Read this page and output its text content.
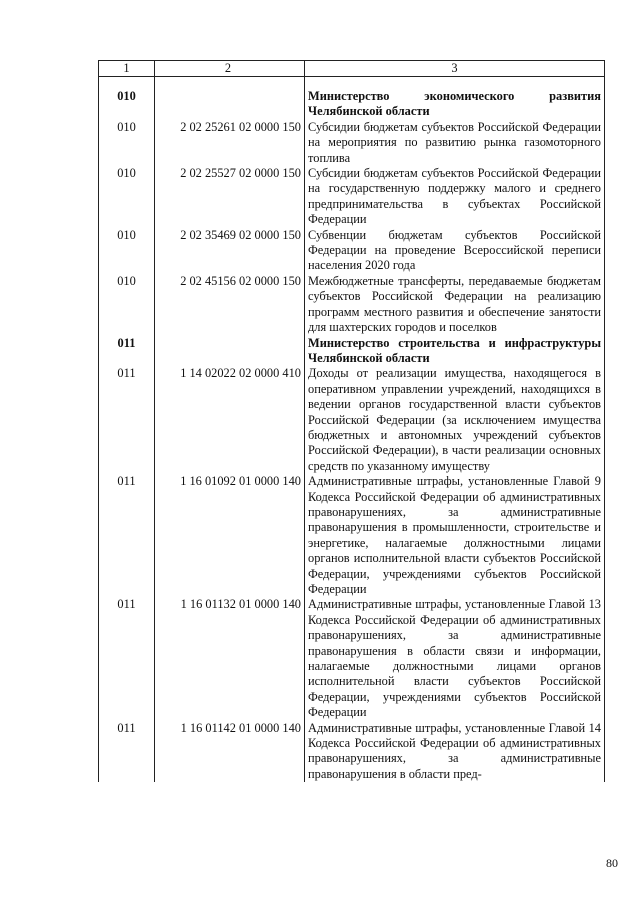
1	2	3
010		Министерство экономического развития Челябинской области
010	2 02 25261 02 0000 150	Субсидии бюджетам субъектов Российской Федерации на мероприятия по развитию рынка газомоторного топлива
010	2 02 25527 02 0000 150	Субсидии бюджетам субъектов Российской Федерации на государственную поддержку малого и среднего предпринимательства в субъектах Российской Федерации
010	2 02 35469 02 0000 150	Субвенции бюджетам субъектов Российской Федерации на проведение Всероссийской переписи населения 2020 года
010	2 02 45156 02 0000 150	Межбюджетные трансферты, передаваемые бюджетам субъектов Российской Федерации на реализацию программ местного развития и обеспечение занятости для шахтерских городов и поселков
011		Министерство строительства и инфраструктуры Челябинской области
011	1 14 02022 02 0000 410	Доходы от реализации имущества, находящегося в оперативном управлении учреждений, находящихся в ведении органов государственной власти субъектов Российской Федерации (за исключением имущества бюджетных и автономных учреждений субъектов Российской Федерации), в части реализации основных средств по указанному имуществу
011	1 16 01092 01 0000 140	Административные штрафы, установленные Главой 9 Кодекса Российской Федерации об административных правонарушениях, за административные правонарушения в промышленности, строительстве и энергетике, налагаемые должностными лицами органов исполнительной власти субъектов Российской Федерации, учреждениями субъектов Российской Федерации
011	1 16 01132 01 0000 140	Административные штрафы, установленные Главой 13 Кодекса Российской Федерации об административных правонарушениях, за административные правонарушения в области связи и информации, налагаемые должностными лицами органов исполнительной власти субъектов Российской Федерации, учреждениями субъектов Российской Федерации
011	1 16 01142 01 0000 140	Административные штрафы, установленные Главой 14 Кодекса Российской Федерации об административных правонарушениях, за административные правонарушения в области пред-
80
